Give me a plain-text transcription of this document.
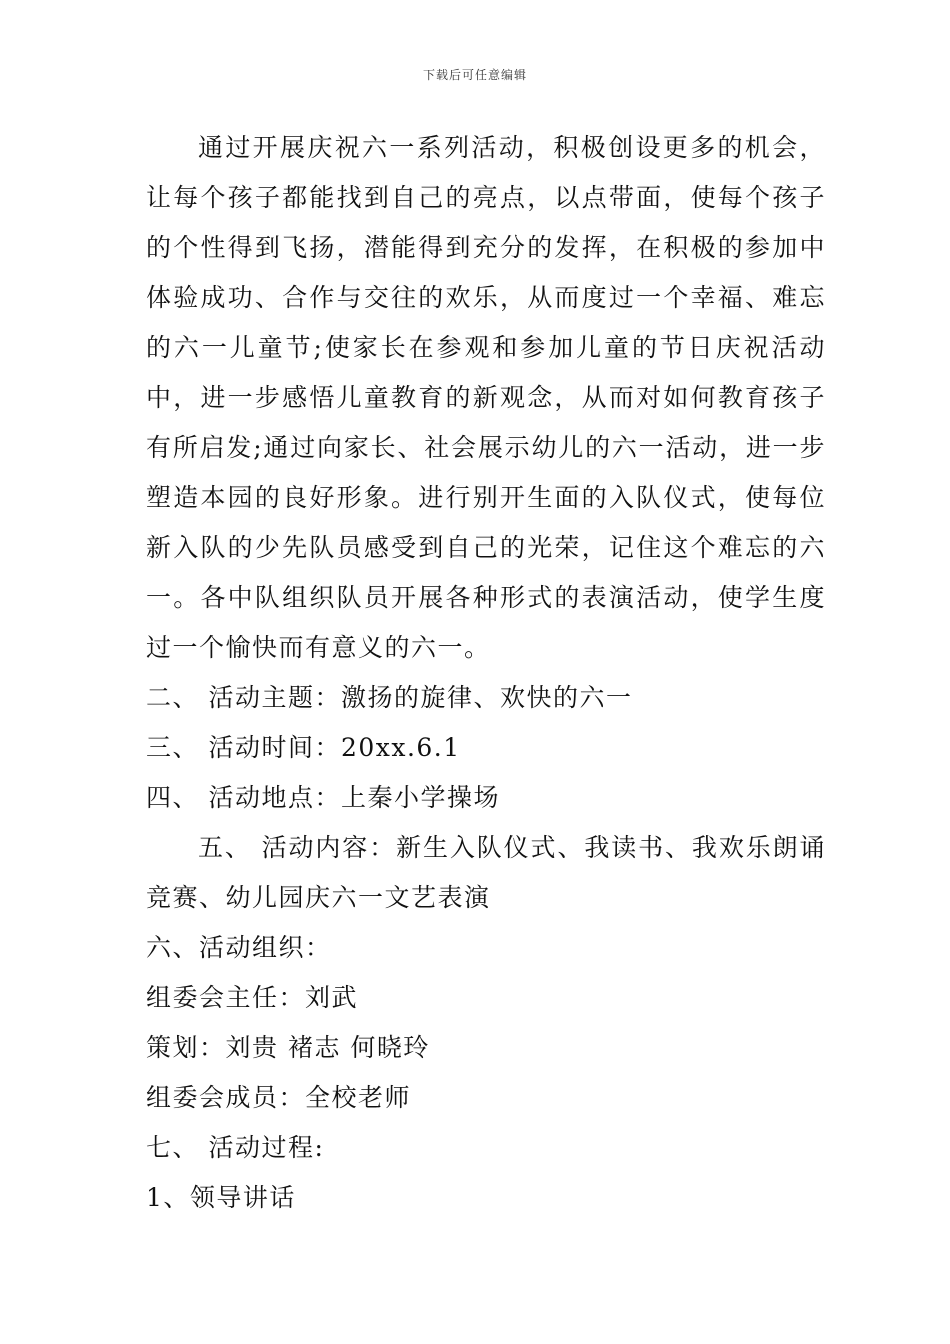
下载后可任意编辑

通过开展庆祝六一系列活动，积极创设更多的机会，让每个孩子都能找到自己的亮点，以点带面，使每个孩子的个性得到飞扬，潜能得到充分的发挥，在积极的参加中体验成功、合作与交往的欢乐，从而度过一个幸福、难忘的六一儿童节;使家长在参观和参加儿童的节日庆祝活动中，进一步感悟儿童教育的新观念，从而对如何教育孩子有所启发;通过向家长、社会展示幼儿的六一活动，进一步塑造本园的良好形象。进行别开生面的入队仪式，使每位新入队的少先队员感受到自己的光荣，记住这个难忘的六一。各中队组织队员开展各种形式的表演活动，使学生度过一个愉快而有意义的六一。

二、 活动主题：激扬的旋律、欢快的六一

三、 活动时间：20xx.6.1

四、 活动地点：上秦小学操场

五、 活动内容：新生入队仪式、我读书、我欢乐朗诵竞赛、幼儿园庆六一文艺表演

六、活动组织：

组委会主任：刘武

策划：刘贵 褚志 何晓玲

组委会成员：全校老师

七、 活动过程:

1、领导讲话
